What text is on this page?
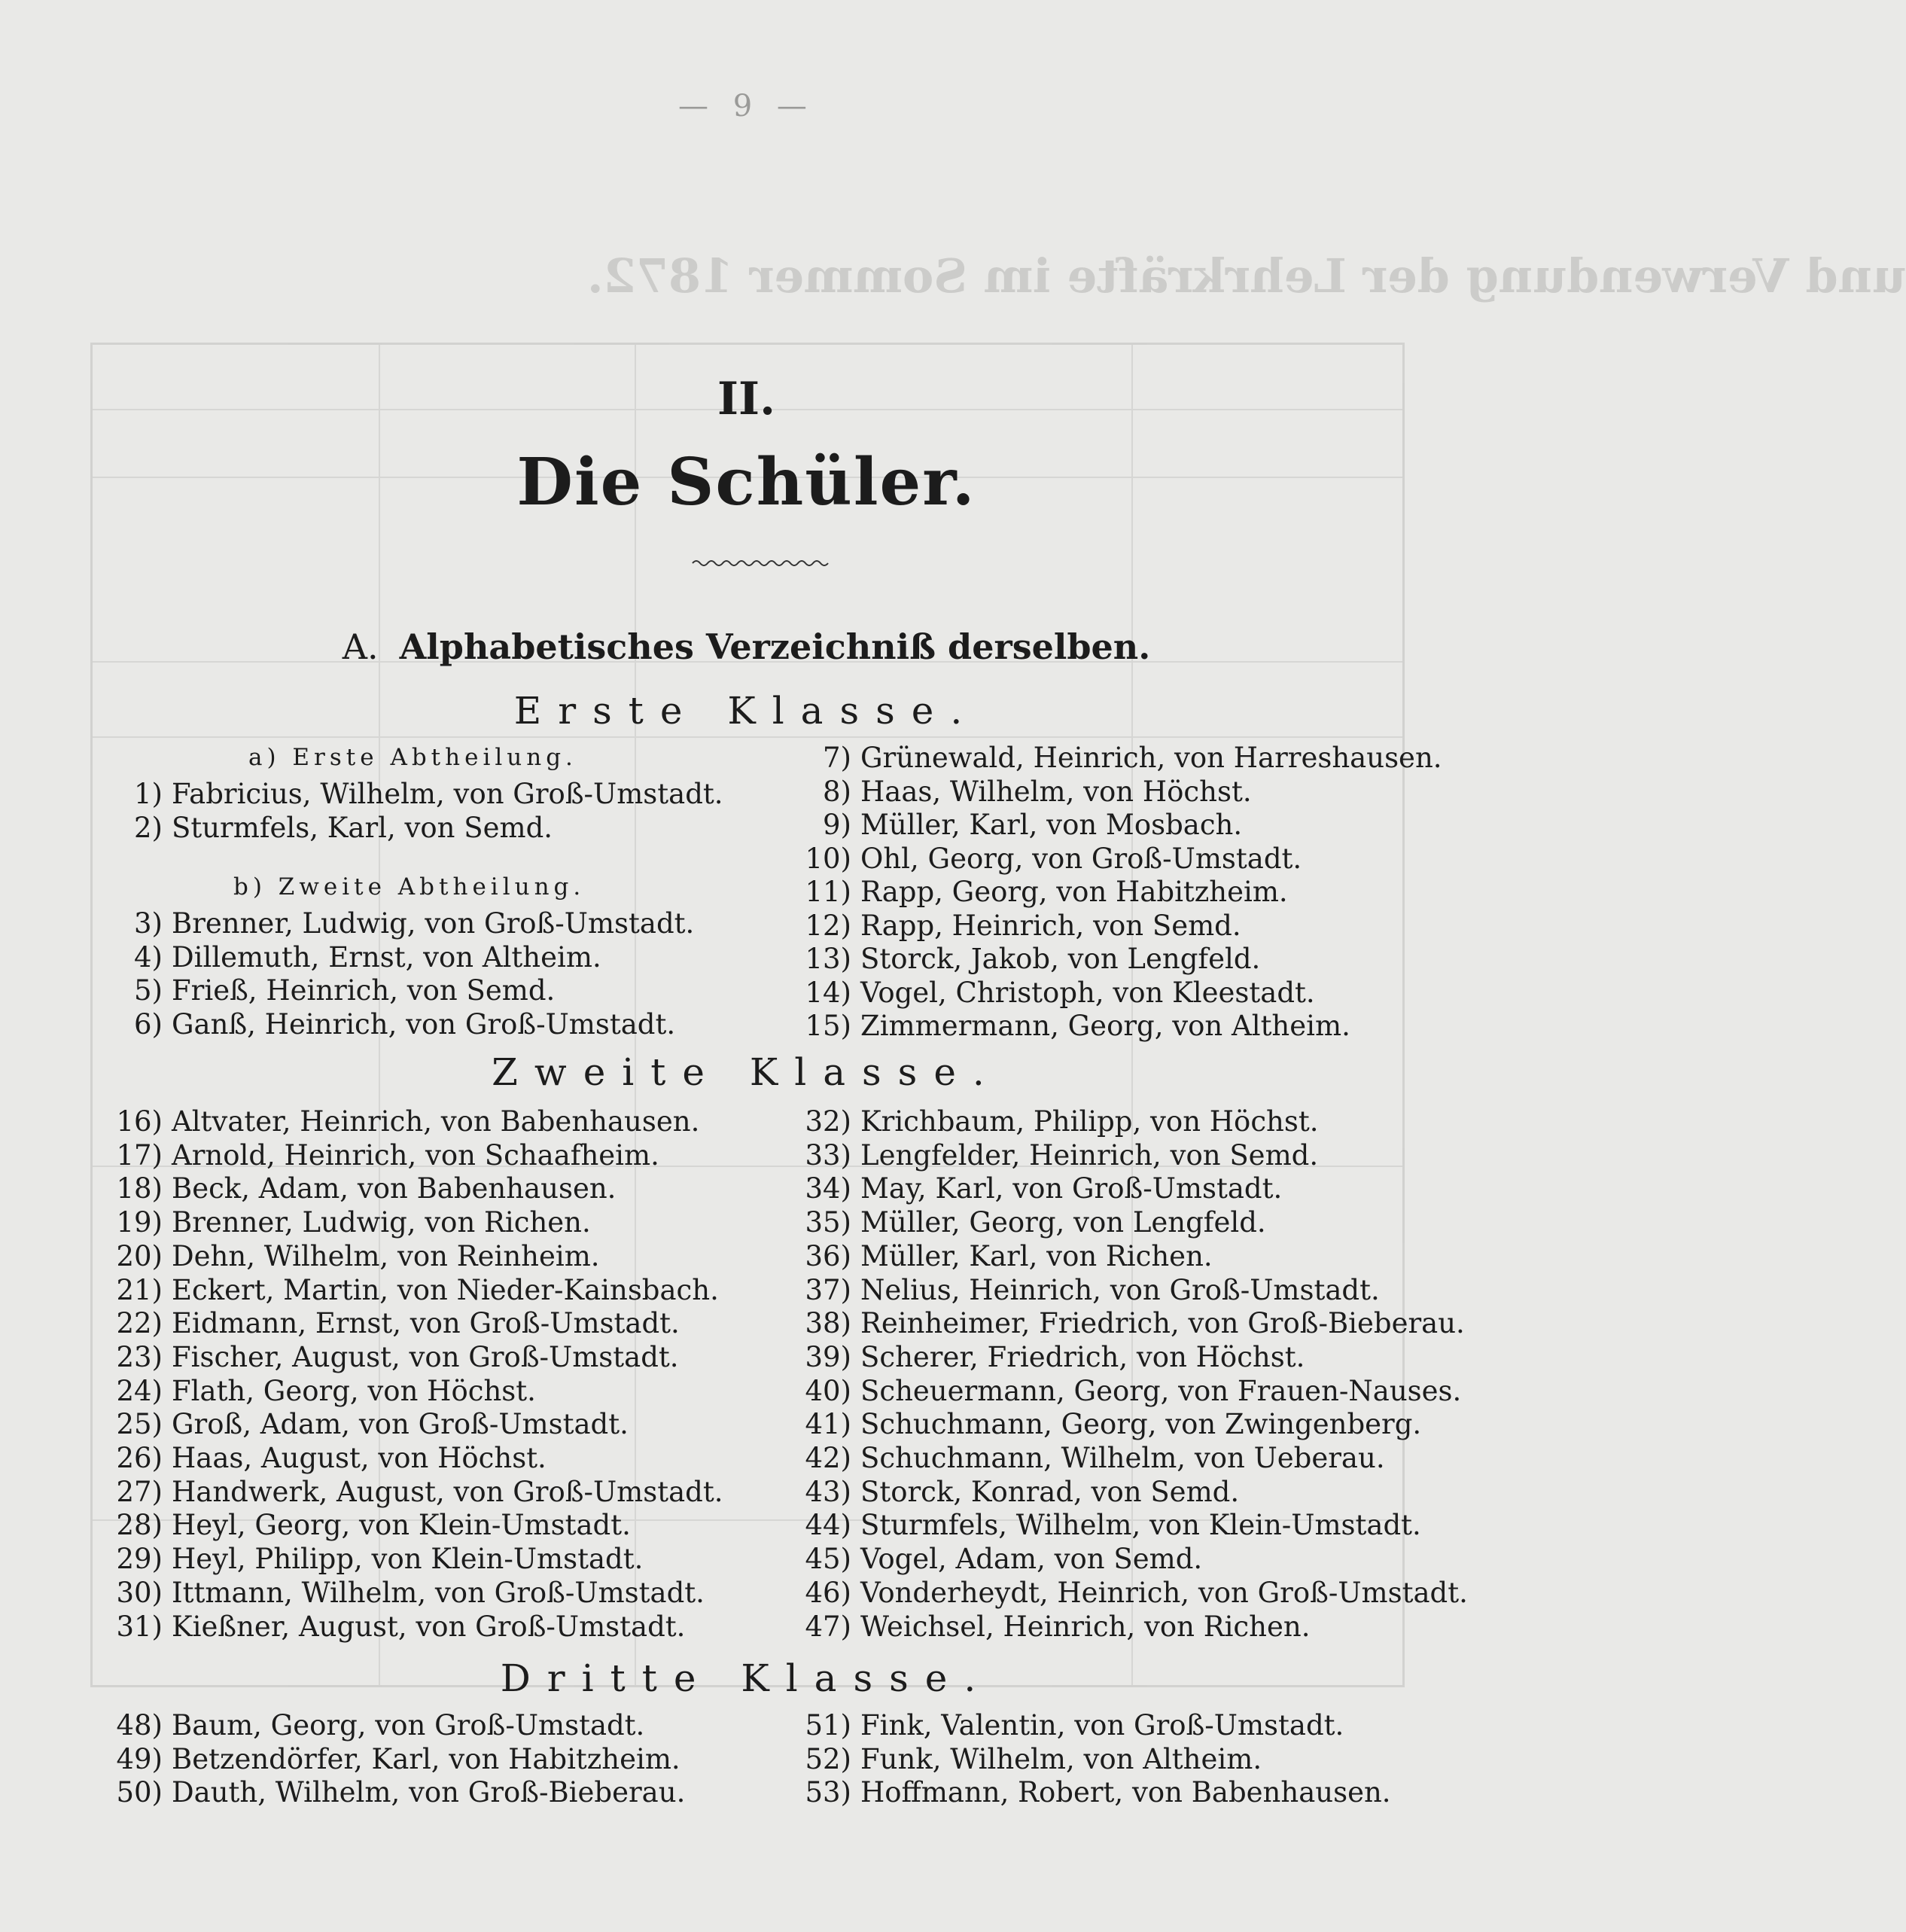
und Verwendung der Lehrkräfte im Sommer 1872.
— 9 —
II.
Die Schüler.
A. Alphabetisches Verzeichniß derselben.
Erste Klasse.
Zweite Klasse.
Dritte Klasse.
a) Erste Abtheilung.
b) Zweite Abtheilung.
1) Fabricius, Wilhelm, von Groß-Umstadt.
2) Sturmfels, Karl, von Semd.
3) Brenner, Ludwig, von Groß-Umstadt.
4) Dillemuth, Ernst, von Altheim.
5) Frieß, Heinrich, von Semd.
6) Ganß, Heinrich, von Groß-Umstadt.
7) Grünewald, Heinrich, von Harreshausen.
8) Haas, Wilhelm, von Höchst.
9) Müller, Karl, von Mosbach.
10) Ohl, Georg, von Groß-Umstadt.
11) Rapp, Georg, von Habitzheim.
12) Rapp, Heinrich, von Semd.
13) Storck, Jakob, von Lengfeld.
14) Vogel, Christoph, von Kleestadt.
15) Zimmermann, Georg, von Altheim.
16) Altvater, Heinrich, von Babenhausen.
17) Arnold, Heinrich, von Schaafheim.
18) Beck, Adam, von Babenhausen.
19) Brenner, Ludwig, von Richen.
20) Dehn, Wilhelm, von Reinheim.
21) Eckert, Martin, von Nieder-Kainsbach.
22) Eidmann, Ernst, von Groß-Umstadt.
23) Fischer, August, von Groß-Umstadt.
24) Flath, Georg, von Höchst.
25) Groß, Adam, von Groß-Umstadt.
26) Haas, August, von Höchst.
27) Handwerk, August, von Groß-Umstadt.
28) Heyl, Georg, von Klein-Umstadt.
29) Heyl, Philipp, von Klein-Umstadt.
30) Ittmann, Wilhelm, von Groß-Umstadt.
31) Kießner, August, von Groß-Umstadt.
32) Krichbaum, Philipp, von Höchst.
33) Lengfelder, Heinrich, von Semd.
34) May, Karl, von Groß-Umstadt.
35) Müller, Georg, von Lengfeld.
36) Müller, Karl, von Richen.
37) Nelius, Heinrich, von Groß-Umstadt.
38) Reinheimer, Friedrich, von Groß-Bieberau.
39) Scherer, Friedrich, von Höchst.
40) Scheuermann, Georg, von Frauen-Nauses.
41) Schuchmann, Georg, von Zwingenberg.
42) Schuchmann, Wilhelm, von Ueberau.
43) Storck, Konrad, von Semd.
44) Sturmfels, Wilhelm, von Klein-Umstadt.
45) Vogel, Adam, von Semd.
46) Vonderheydt, Heinrich, von Groß-Umstadt.
47) Weichsel, Heinrich, von Richen.
48) Baum, Georg, von Groß-Umstadt.
49) Betzendörfer, Karl, von Habitzheim.
50) Dauth, Wilhelm, von Groß-Bieberau.
51) Fink, Valentin, von Groß-Umstadt.
52) Funk, Wilhelm, von Altheim.
53) Hoffmann, Robert, von Babenhausen.
